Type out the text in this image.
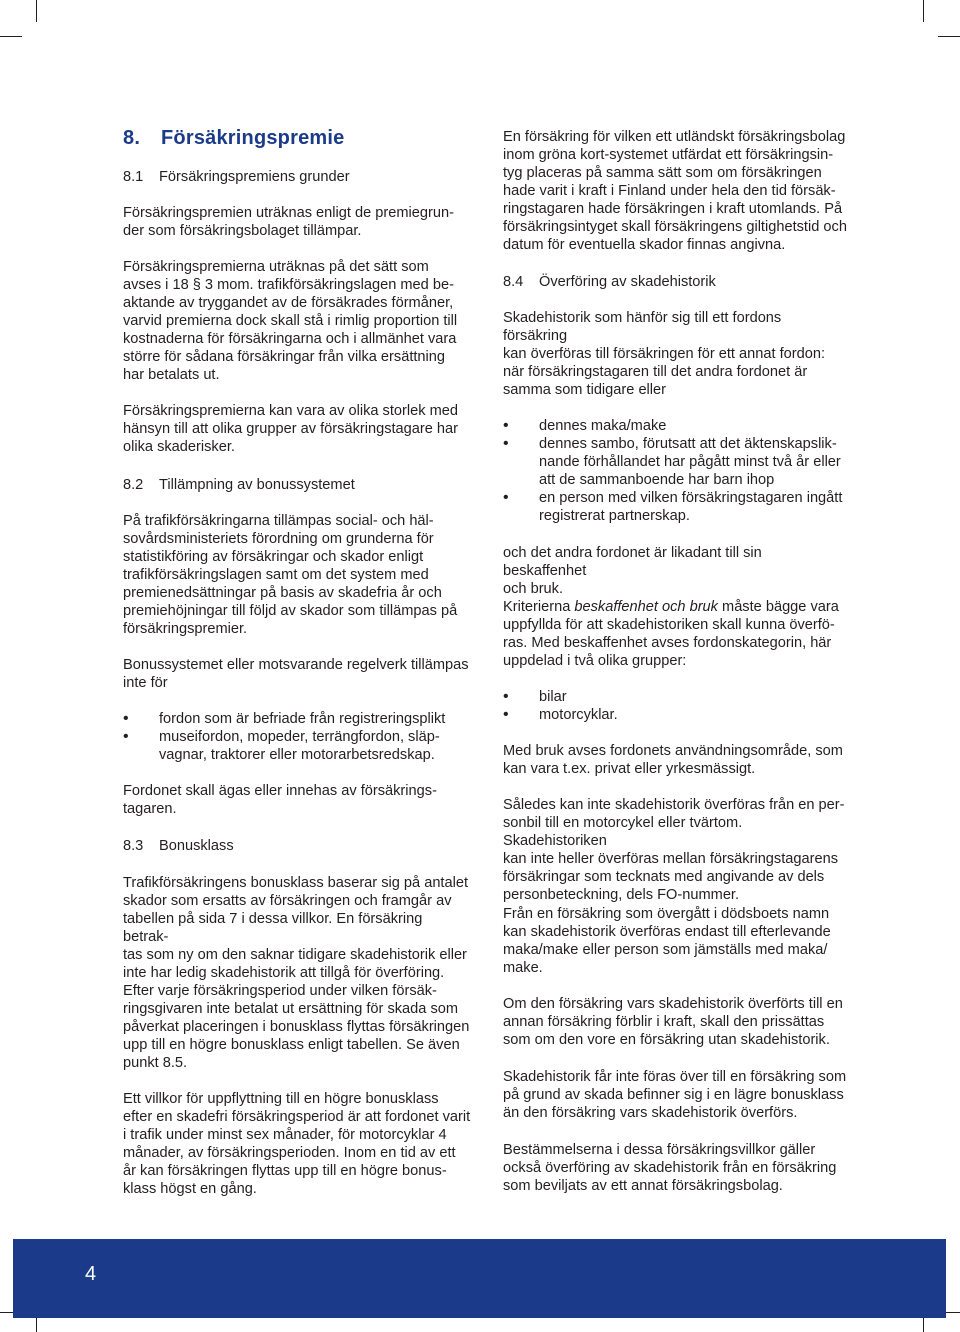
8. Försäkringspremie

8.1 Försäkringspremiens grunder

Försäkringspremien uträknas enligt de premiegrun-
der som försäkringsbolaget tillämpar.

Försäkringspremierna uträknas på det sätt som
avses i 18 § 3 mom. trafikförsäkringslagen med be-
aktande av tryggandet av de försäkrades förmåner,
varvid premierna dock skall stå i rimlig proportion till
kostnaderna för försäkringarna och i allmänhet vara
större för sådana försäkringar från vilka ersättning
har betalats ut.

Försäkringspremierna kan vara av olika storlek med
hänsyn till att olika grupper av försäkringstagare har
olika skaderisker.

8.2 Tillämpning av bonussystemet

På trafikförsäkringarna tillämpas social- och häl-
sovårdsministeriets förordning om grunderna för
statistikföring av försäkringar och skador enligt
trafikförsäkringslagen samt om det system med
premienedsättningar på basis av skadefria år och
premiehöjningar till följd av skador som tillämpas på
försäkringspremier.

Bonussystemet eller motsvarande regelverk tillämpas
inte för

• fordon som är befriade från registreringsplikt
• museifordon, mopeder, terrängfordon, släp-
vagnar, traktorer eller motorarbetsredskap.

Fordonet skall ägas eller innehas av försäkrings-
tagaren.

8.3 Bonusklass

Trafikförsäkringens bonusklass baserar sig på antalet
skador som ersatts av försäkringen och framgår av
tabellen på sida 7 i dessa villkor. En försäkring betrak-
tas som ny om den saknar tidigare skadehistorik eller
inte har ledig skadehistorik att tillgå för överföring.

Efter varje försäkringsperiod under vilken försäk-
ringsgivaren inte betalat ut ersättning för skada som
påverkat placeringen i bonusklass flyttas försäkringen
upp till en högre bonusklass enligt tabellen. Se även
punkt 8.5.

Ett villkor för uppflyttning till en högre bonusklass
efter en skadefri försäkringsperiod är att fordonet varit
i trafik under minst sex månader, för motorcyklar 4
månader, av försäkringsperioden. Inom en tid av ett
år kan försäkringen flyttas upp till en högre bonus-
klass högst en gång.

En försäkring för vilken ett utländskt försäkringsbolag
inom gröna kort-systemet utfärdat ett försäkringsin-
tyg placeras på samma sätt som om försäkringen
hade varit i kraft i Finland under hela den tid försäk-
ringstagaren hade försäkringen i kraft utomlands. På
försäkringsintyget skall försäkringens giltighetstid och
datum för eventuella skador finnas angivna.

8.4 Överföring av skadehistorik

Skadehistorik som hänför sig till ett fordons försäkring
kan överföras till försäkringen för ett annat fordon:

när försäkringstagaren till det andra fordonet är
samma som tidigare eller

• dennes maka/make
• dennes sambo, förutsatt att det äktenskapslik-
nande förhållandet har pågått minst två år eller
att de sammanboende har barn ihop
• en person med vilken försäkringstagaren ingått
registrerat partnerskap.

och det andra fordonet är likadant till sin beskaffenhet
och bruk.

Kriterierna beskaffenhet och bruk måste bägge vara
uppfyllda för att skadehistoriken skall kunna överfö-
ras. Med beskaffenhet avses fordonskategorin, här
uppdelad i två olika grupper:

• bilar
• motorcyklar.

Med bruk avses fordonets användningsområde, som
kan vara t.ex. privat eller yrkesmässigt.

Således kan inte skadehistorik överföras från en per-
sonbil till en motorcykel eller tvärtom. Skadehistoriken
kan inte heller överföras mellan försäkringstagarens
försäkringar som tecknats med angivande av dels
personbeteckning, dels FO-nummer.

Från en försäkring som övergått i dödsboets namn
kan skadehistorik överföras endast till efterlevande
maka/make eller person som jämställs med maka/
make.

Om den försäkring vars skadehistorik överförts till en
annan försäkring förblir i kraft, skall den prissättas
som om den vore en försäkring utan skadehistorik.

Skadehistorik får inte föras över till en försäkring som
på grund av skada befinner sig i en lägre bonusklass
än den försäkring vars skadehistorik överförs.

Bestämmelserna i dessa försäkringsvillkor gäller
också överföring av skadehistorik från en försäkring
som beviljats av ett annat försäkringsbolag.

4
